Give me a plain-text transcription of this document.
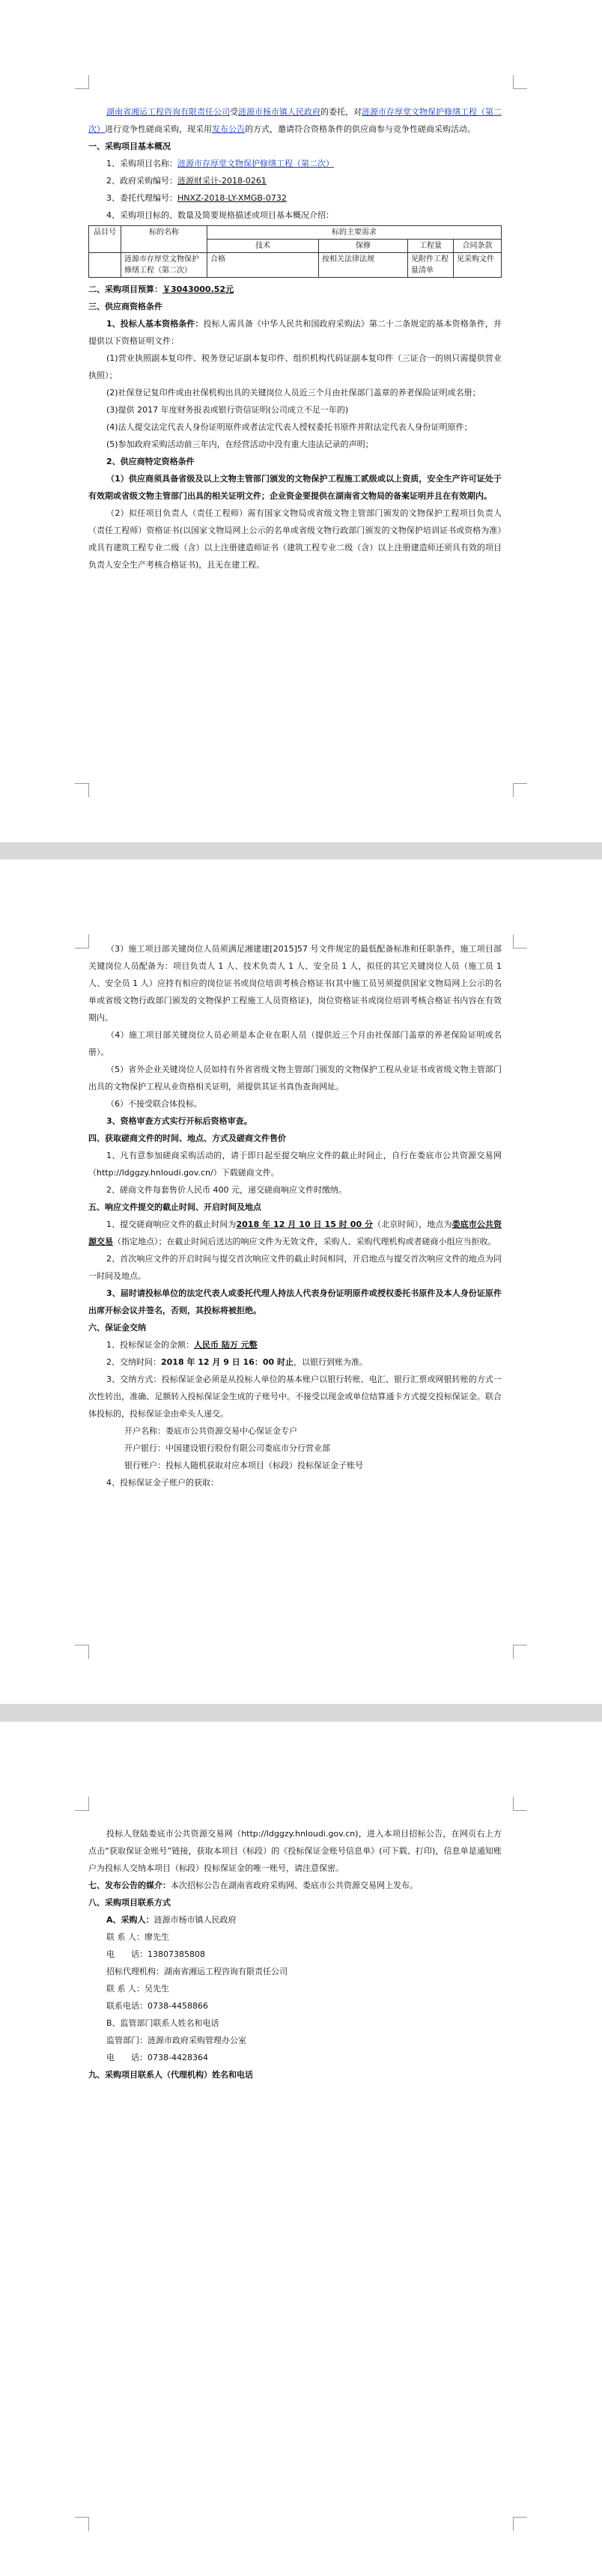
湖南省湘运工程咨询有限责任公司受涟源市杨市镇人民政府的委托，对涟源市存厚堂文物保护修缮工程（第二次）进行竞争性磋商采购，现采用发布公告的方式，邀请符合资格条件的供应商参与竞争性磋商采购活动。

一、采购项目基本概况

1、采购项目名称：涟源市存厚堂文物保护修缮工程（第二次）

2、政府采购编号：涟源财采计-2018-0261

3、委托代理编号：HNXZ-2018-LY-XMGB-0732

4、采购项目标的、数量及简要规格描述或项目基本概况介绍：

品目号	标的名称	标的主要需求			
		技术	保修	工程量	合同条款
	涟源市存厚堂文物保护修缮工程（第二次）	合格	按相关法律法规	见附件工程量清单	见采购文件

二、采购项目预算：￥3043000.52元

三、供应商资格条件

1、投标人基本资格条件：投标人需具备《中华人民共和国政府采购法》第二十二条规定的基本资格条件，并提供以下资格证明文件：

(1)营业执照副本复印件、税务登记证副本复印件、组织机构代码证副本复印件（三证合一的则只需提供营业执照）；

(2)社保登记复印件或由社保机构出具的关键岗位人员近三个月由社保部门盖章的养老保险证明或名册；

(3)提供 2017 年度财务报表或银行资信证明(公司成立不足一年的)

(4)法人提交法定代表人身份证明原件或者法定代表人授权委托书原件并附法定代表人身份证明原件；

(5)参加政府采购活动前三年内，在经营活动中没有重大违法记录的声明；

2、供应商特定资格条件

（1）供应商须具备省级及以上文物主管部门颁发的文物保护工程施工贰级或以上资质，安全生产许可证处于有效期或省级文物主管部门出具的相关证明文件；企业资金要提供在湖南省文物局的备案证明并且在有效期内。

（2）拟任项目负责人（责任工程师）需有国家文物局或省级文物主管部门颁发的文物保护工程项目负责人（责任工程师）资格证书(以国家文物局网上公示的名单或省级文物行政部门颁发的文物保护培训证书或资格为准）或具有建筑工程专业二级（含）以上注册建造师证书（建筑工程专业二级（含）以上注册建造师还须具有效的项目负责人安全生产考核合格证书)，且无在建工程。

（3）施工项目部关键岗位人员须满足湘建建[2015]57 号文件规定的最低配备标准和任职条件，施工项目部关键岗位人员配备为：项目负责人 1 人、技术负责人 1 人、安全员 1 人，拟任的其它关键岗位人员（施工员 1 人、安全员 1 人）应持有相应的岗位证书或岗位培训考核合格证书(其中施工员另须提供国家文物局网上公示的名单或省级文物行政部门颁发的文物保护工程施工人员资格证)，岗位资格证书或岗位培训考核合格证书内容在有效期内。

（4）施工项目部关键岗位人员必须是本企业在职人员（提供近三个月由社保部门盖章的养老保险证明或名册）。

（5）省外企业关键岗位人员如持有外省省级文物主管部门颁发的文物保护工程从业证书或省级文物主管部门出具的文物保护工程从业资格相关证明，须提供其证书真伪查询网址。

（6）不接受联合体投标。

3、资格审查方式实行开标后资格审查。

四、获取磋商文件的时间、地点、方式及磋商文件售价

1、凡有意参加磋商采购活动的，请于即日起至提交响应文件的截止时间止，自行在娄底市公共资源交易网（http://ldggzy.hnloudi.gov.cn/）下载磋商文件。

2、磋商文件每套售价人民币 400 元，递交磋商响应文件时缴纳。

五、响应文件提交的截止时间、开启时间及地点

1、提交磋商响应文件的截止时间为2018 年 12 月 10 日 15 时 00 分（北京时间），地点为娄底市公共资源交易（指定地点）；在截止时间后送达的响应文件为无效文件，采购人、采购代理机构或者磋商小组应当拒收。

2、首次响应文件的开启时间与提交首次响应文件的截止时间相同，开启地点与提交首次响应文件的地点为同一时间及地点。

3、届时请投标单位的法定代表人或委托代理人持法人代表身份证明原件或授权委托书原件及本人身份证原件出席开标会议并签名，否则，其投标将被拒绝。

六、保证金交纳

1、投标保证金的金额：人民币 陆万 元整

2、交纳时间：2018 年 12 月 9 日 16：00 时止，以银行到账为准。

3、交纳方式：投标保证金必须是从投标人单位的基本账户以银行转账、电汇、银行汇票或网银转账的方式一次性转出，准确、足额转入投标保证金生成的子账号中。不接受以现金或单位结算通卡方式提交投标保证金。联合体投标的，投标保证金由牵头人递交。

开户名称：娄底市公共资源交易中心保证金专户

开户银行：中国建设银行股份有限公司娄底市分行营业部

银行账户：投标人随机获取对应本项目（标段）投标保证金子账号

4、投标保证金子账户的获取：

投标人登陆娄底市公共资源交易网（http://ldggzy.hnloudi.gov.cn)，进入本项目招标公告，在网页右上方点击“获取保证金账号”链接，获取本项目（标段）的《投标保证金账号信息单》(可下载、打印)，信息单是通知账户为投标人交纳本项目（标段）投标保证金的唯一账号，请注意保密。

七、发布公告的媒介：本次招标公告在湖南省政府采购网、娄底市公共资源交易网上发布。

八、采购项目联系方式

A、采购人：涟源市杨市镇人民政府

联 系 人：廖先生

电　　话：13807385808

招标代理机构：湖南省湘运工程咨询有限责任公司

联 系 人：吴先生

联系电话：0738-4458866

B、监管部门联系人姓名和电话

监管部门：涟源市政府采购管理办公室

电　　话：0738-4428364

九、采购项目联系人（代理机构）姓名和电话
